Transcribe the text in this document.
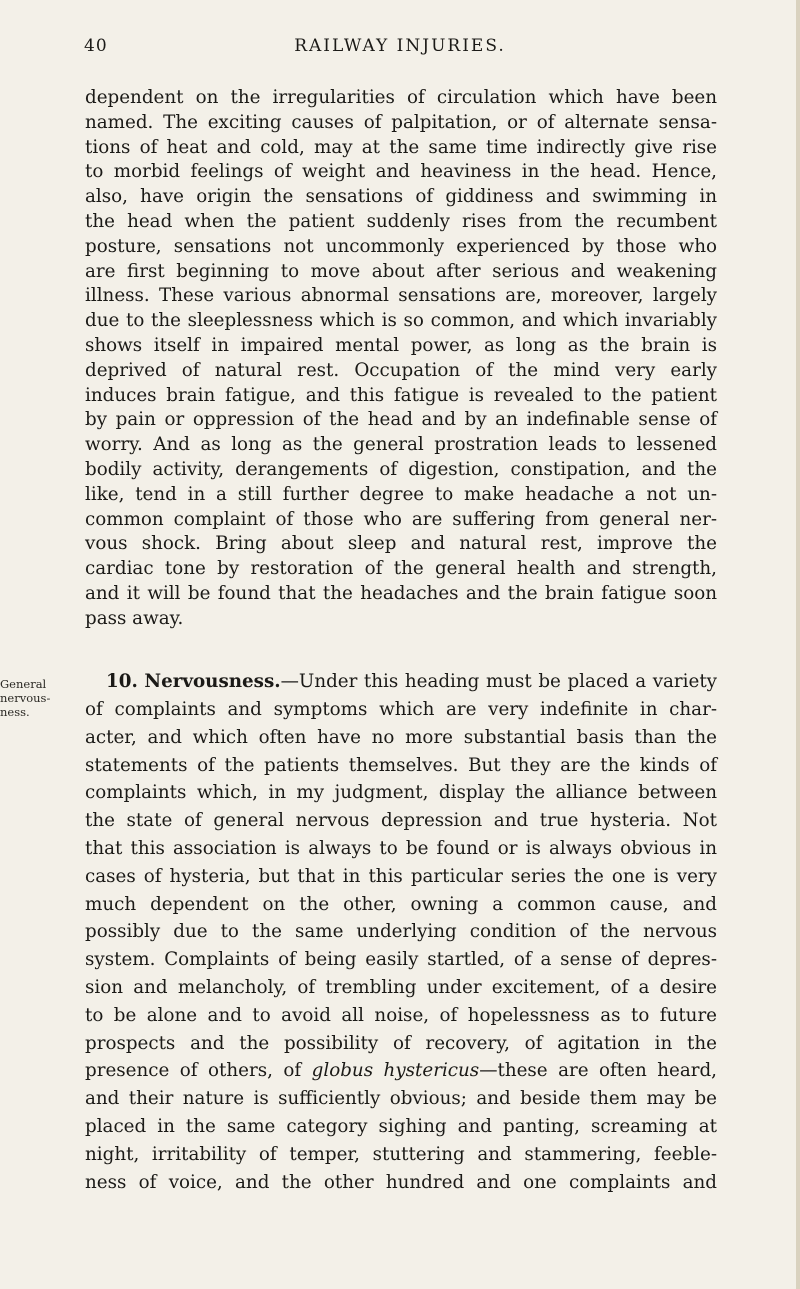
40	RAILWAY INJURIES.
dependent on the irregularities of circulation which have been
named. The exciting causes of palpitation, or of alternate sensa-
tions of heat and cold, may at the same time indirectly give rise
to morbid feelings of weight and heaviness in the head. Hence,
also, have origin the sensations of giddiness and swimming in
the head when the patient suddenly rises from the recumbent
posture, sensations not uncommonly experienced by those who
are first beginning to move about after serious and weakening
illness. These various abnormal sensations are, moreover, largely
due to the sleeplessness which is so common, and which invariably
shows itself in impaired mental power, as long as the brain is
deprived of natural rest. Occupation of the mind very early
induces brain fatigue, and this fatigue is revealed to the patient
by pain or oppression of the head and by an indefinable sense of
worry. And as long as the general prostration leads to lessened
bodily activity, derangements of digestion, constipation, and the
like, tend in a still further degree to make headache a not un-
common complaint of those who are suffering from general ner-
vous shock. Bring about sleep and natural rest, improve the
cardiac tone by restoration of the general health and strength,
and it will be found that the headaches and the brain fatigue soon
pass away.
General
nervous-
ness.
10. Nervousness.—Under this heading must be placed a variety
of complaints and symptoms which are very indefinite in char-
acter, and which often have no more substantial basis than the
statements of the patients themselves. But they are the kinds of
complaints which, in my judgment, display the alliance between
the state of general nervous depression and true hysteria. Not
that this association is always to be found or is always obvious in
cases of hysteria, but that in this particular series the one is very
much dependent on the other, owning a common cause, and
possibly due to the same underlying condition of the nervous
system. Complaints of being easily startled, of a sense of depres-
sion and melancholy, of trembling under excitement, of a desire
to be alone and to avoid all noise, of hopelessness as to future
prospects and the possibility of recovery, of agitation in the
presence of others, of globus hystericus—these are often heard,
and their nature is sufficiently obvious; and beside them may be
placed in the same category sighing and panting, screaming at
night, irritability of temper, stuttering and stammering, feeble-
ness of voice, and the other hundred and one complaints and
